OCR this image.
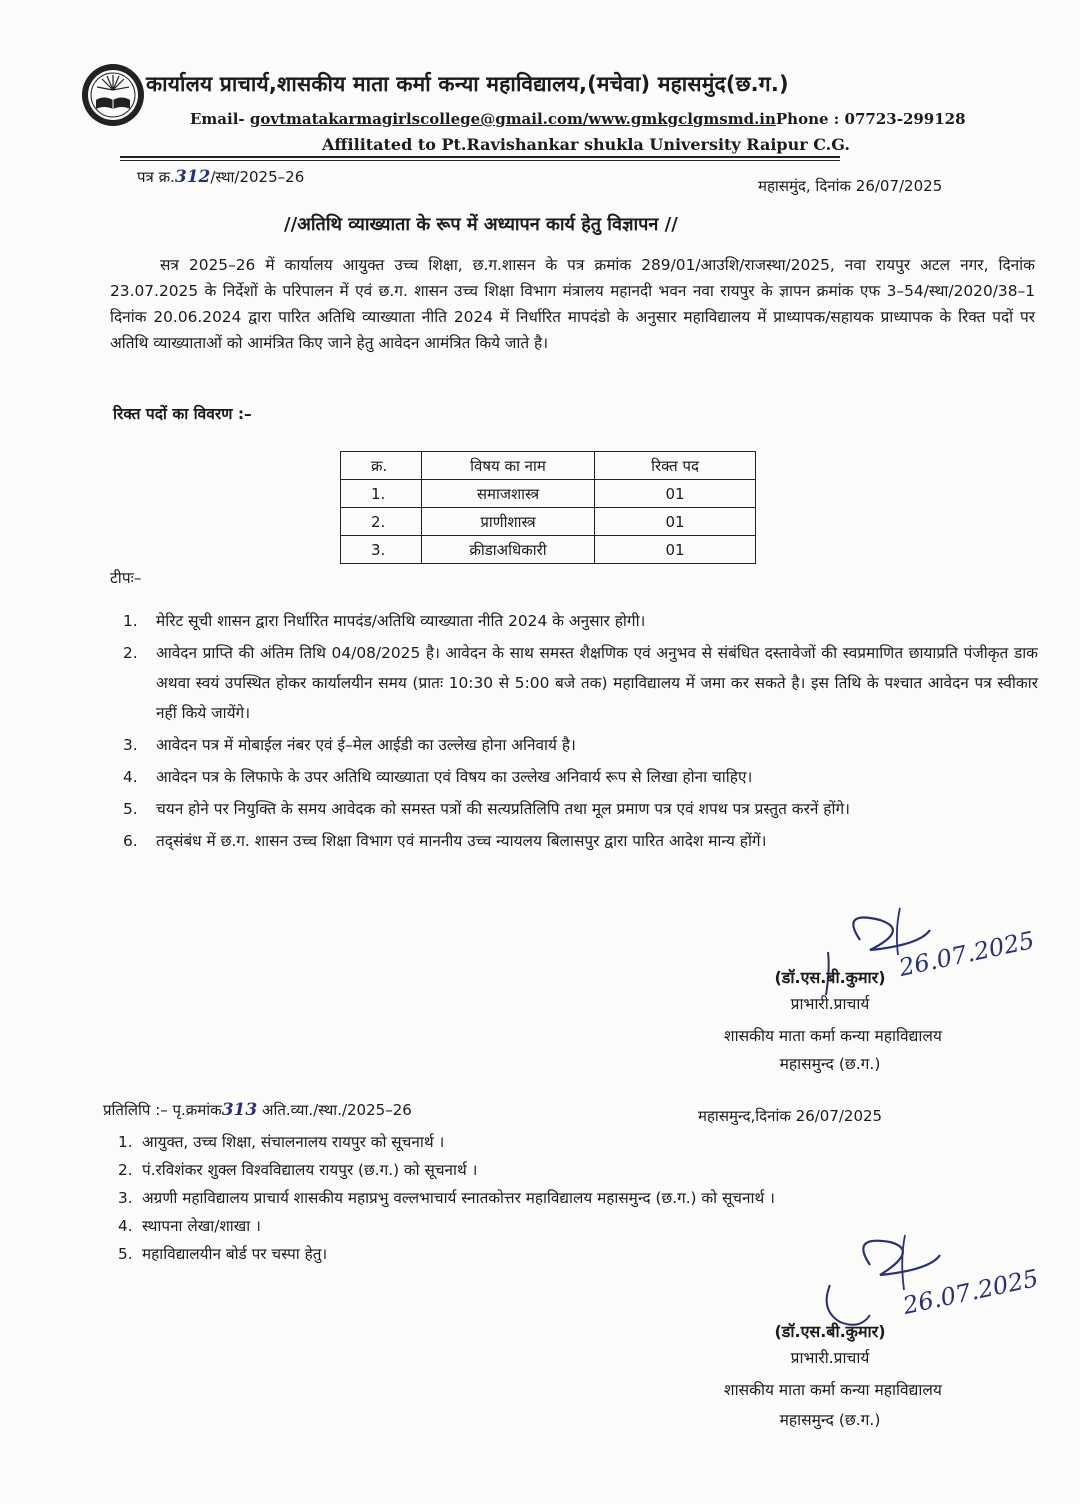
कार्यालय प्राचार्य,शासकीय माता कर्मा कन्या महाविद्यालय,(मचेवा) महासमुंद(छ.ग.)
Email- govtmatakarmagirlscollege@gmail.com/www.gmkgclgmsmd.inPhone : 07723-299128
Affilitated to Pt.Ravishankar shukla University Raipur C.G.
पत्र क्र.312/स्था/2025–26	महासमुंद, दिनांक 26/07/2025
//अतिथि व्याख्याता के रूप में अध्यापन कार्य हेतु विज्ञापन //
सत्र 2025–26 में कार्यालय आयुक्त उच्च शिक्षा, छ.ग.शासन के पत्र क्रमांक 289/01/आउशि/राजस्था/2025, नवा रायपुर अटल नगर, दिनांक 23.07.2025 के निर्देशों के परिपालन में एवं छ.ग. शासन उच्च शिक्षा विभाग मंत्रालय महानदी भवन नवा रायपुर के ज्ञापन क्रमांक एफ 3–54/स्था/2020/38–1 दिनांक 20.06.2024 द्वारा पारित अतिथि व्याख्याता नीति 2024 में निर्धारित मापदंडो के अनुसार महाविद्यालय में प्राध्यापक/सहायक प्राध्यापक के रिक्त पदों पर अतिथि व्याख्याताओं को आमंत्रित किए जाने हेतु आवेदन आमंत्रित किये जाते है।
रिक्त पदों का विवरण :–
क्र.	विषय का नाम	रिक्त पद
1.	समाजशास्त्र	01
2.	प्राणीशास्त्र	01
3.	क्रीडाअधिकारी	01
टीपः–
1. मेरिट सूची शासन द्वारा निर्धारित मापदंड/अतिथि व्याख्याता नीति 2024 के अनुसार होगी।
2. आवेदन प्राप्ति की अंतिम तिथि 04/08/2025 है। आवेदन के साथ समस्त शैक्षणिक एवं अनुभव से संबंधित दस्तावेजों की स्वप्रमाणित छायाप्रति पंजीकृत डाक अथवा स्वयं उपस्थित होकर कार्यालयीन समय (प्रातः 10:30 से 5:00 बजे तक) महाविद्यालय में जमा कर सकते है। इस तिथि के पश्चात आवेदन पत्र स्वीकार नहीं किये जायेंगे।
3. आवेदन पत्र में मोबाईल नंबर एवं ई–मेल आईडी का उल्लेख होना अनिवार्य है।
4. आवेदन पत्र के लिफाफे के उपर अतिथि व्याख्याता एवं विषय का उल्लेख अनिवार्य रूप से लिखा होना चाहिए।
5. चयन होने पर नियुक्ति के समय आवेदक को समस्त पत्रों की सत्यप्रतिलिपि तथा मूल प्रमाण पत्र एवं शपथ पत्र प्रस्तुत करनें होंगे।
6. तद्संबंध में छ.ग. शासन उच्च शिक्षा विभाग एवं माननीय उच्च न्यायलय बिलासपुर द्वारा पारित आदेश मान्य होंगें।
26.07.2025
(डॉ.एस.बी.कुमार)
प्राभारी.प्राचार्य
शासकीय माता कर्मा कन्या महाविद्यालय
महासमुन्द (छ.ग.)
प्रतिलिपि :– पृ.क्रमांक313 अति.व्या./स्था./2025–26	महासमुन्द,दिनांक 26/07/2025
1. आयुक्त, उच्च शिक्षा, संचालनालय रायपुर को सूचनार्थ ।
2. पं.रविशंकर शुक्ल विश्वविद्यालय रायपुर (छ.ग.) को सूचनार्थ ।
3. अग्रणी महाविद्यालय प्राचार्य शासकीय महाप्रभु वल्लभाचार्य स्नातकोत्तर महाविद्यालय महासमुन्द (छ.ग.) को सूचनार्थ ।
4. स्थापना लेखा/शाखा ।
5. महाविद्यालयीन बोर्ड पर चस्पा हेतु।
26.07.2025
(डॉ.एस.बी.कुमार)
प्राभारी.प्राचार्य
शासकीय माता कर्मा कन्या महाविद्यालय
महासमुन्द (छ.ग.)
